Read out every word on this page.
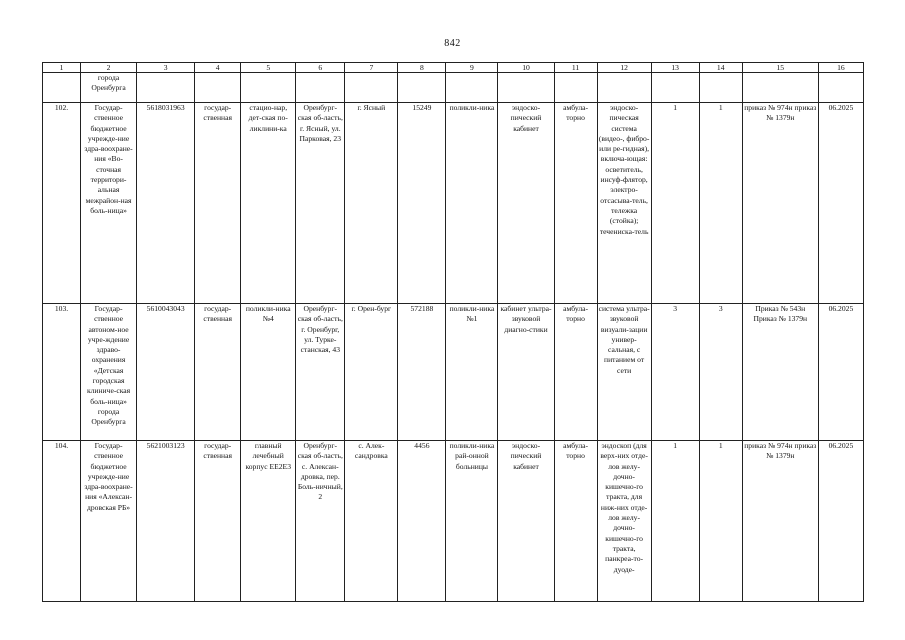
842
1	2	3	4	5	6	7	8	9	10	11	12	13	14	15	16
	города Оренбурга														
102.	Государ-ственное бюджетное учрежде-ние здра-воохране-ния «Во-сточная территори-альная межрайон-ная боль-ница»	5618031963	государ-ственная	стацио-нар, дет-ская по-ликлини-ка	Оренбург-ская об-ласть, г. Ясный, ул. Парковая, 23	г. Ясный	15249	поликли-ника	эндоско-пический кабинет	амбула-торно	эндоско-пическая система (видео-, фибро-или ре-гидная), включа-ющая: осветитель, инсуф-флятор, электро-отсасыва-тель, тележка (стойка); течениска-тель	1	1	приказ № 974н приказ № 1379н	06.2025
103.	Государ-ственное автоном-ное учре-ждение здраво-охранения «Детская городская клиниче-ская боль-ница» города Оренбурга	5610043043	государ-ственная	поликли-ника №4	Оренбург-ская об-ласть, г. Оренбург, ул. Турке-станская, 43	г. Орен-бург	572188	поликли-ника №1	кабинет ультра-звуковой диагно-стики	амбула-торно	система ультра-звуковой визуали-зации универ-сальная, с питанием от сети	3	3	Приказ № 543н Приказ № 1379н	06.2025
104.	Государ-ственное бюджетное учрежде-ние здра-воохране-ния «Алексан-дровская РБ»	5621003123	государ-ственная	главный лечебный корпус ЕЕ2Е3	Оренбург-ская об-ласть, с. Алексан-дровка, пер. Боль-ничный, 2	с. Алек-сандровка	4456	поликли-ника рай-онной больницы	эндоско-пический кабинет	амбула-торно	эндоскоп (для верх-них отде-лов желу-дочно-кишечно-го тракта, для ниж-них отде-лов желу-дочно-кишечно-го тракта, панкреа-то-дуоде-	1	1	приказ № 974н приказ № 1379н	06.2025
